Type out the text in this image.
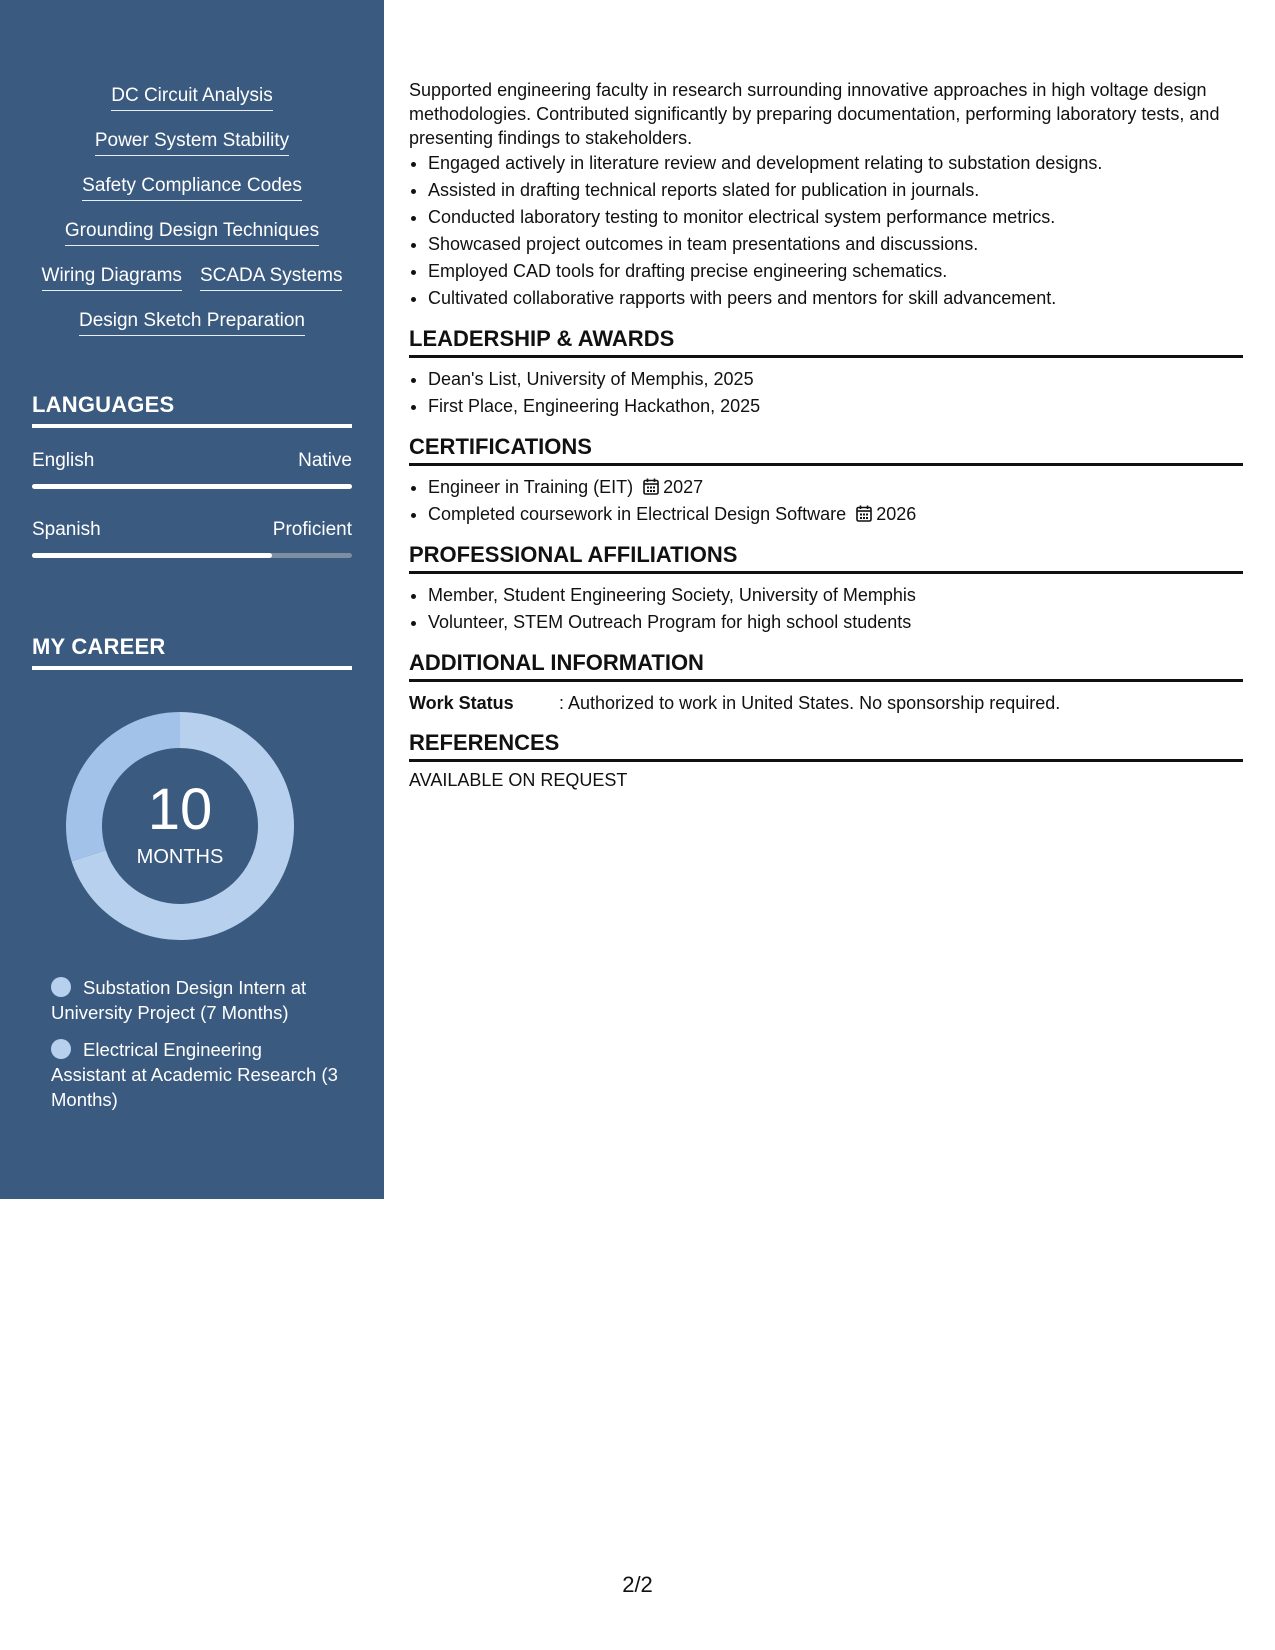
DC Circuit Analysis
Power System Stability
Safety Compliance Codes
Grounding Design Techniques
Wiring Diagrams SCADA Systems
Design Sketch Preparation
LANGUAGES
English	Native
Spanish	Proficient
MY CAREER
10
MONTHS
Substation Design Intern at University Project (7 Months)
Electrical Engineering Assistant at Academic Research (3 Months)
Supported engineering faculty in research surrounding innovative approaches in high voltage design methodologies. Contributed significantly by preparing documentation, performing laboratory tests, and presenting findings to stakeholders.
• Engaged actively in literature review and development relating to substation designs.
• Assisted in drafting technical reports slated for publication in journals.
• Conducted laboratory testing to monitor electrical system performance metrics.
• Showcased project outcomes in team presentations and discussions.
• Employed CAD tools for drafting precise engineering schematics.
• Cultivated collaborative rapports with peers and mentors for skill advancement.
LEADERSHIP & AWARDS
• Dean's List, University of Memphis, 2025
• First Place, Engineering Hackathon, 2025
CERTIFICATIONS
• Engineer in Training (EIT) 2027
• Completed coursework in Electrical Design Software 2026
PROFESSIONAL AFFILIATIONS
• Member, Student Engineering Society, University of Memphis
• Volunteer, STEM Outreach Program for high school students
ADDITIONAL INFORMATION
Work Status	: Authorized to work in United States. No sponsorship required.
REFERENCES
AVAILABLE ON REQUEST
2/2
